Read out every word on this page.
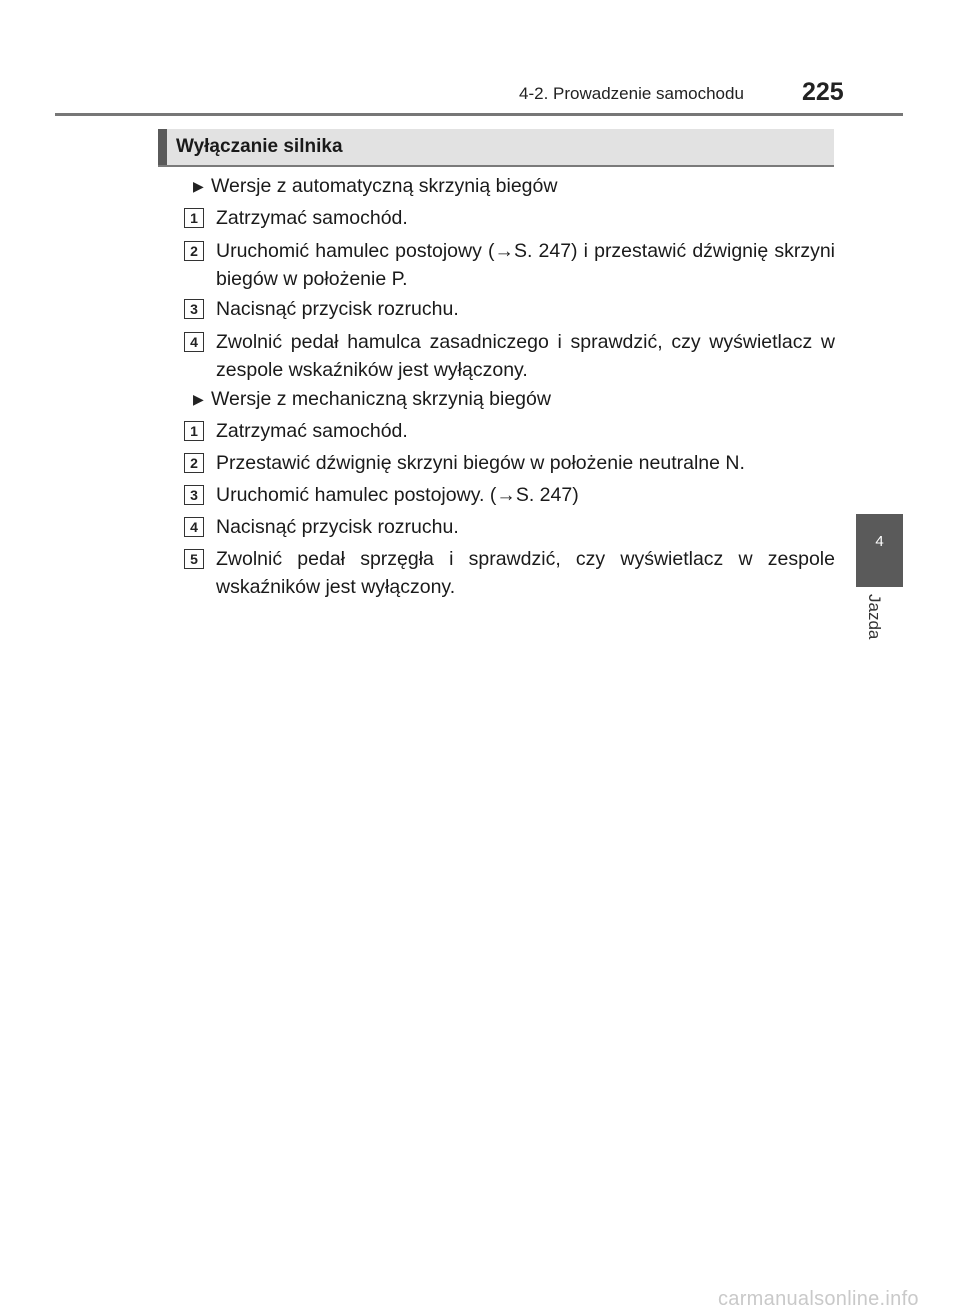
4-2. Prowadzenie samochodu 225
Wyłączanie silnika
▶ Wersje z automatyczną skrzynią biegów
1 Zatrzymać samochód.
2 Uruchomić hamulec postojowy (→S. 247) i przestawić dźwignię skrzyni biegów w położenie P.
3 Nacisnąć przycisk rozruchu.
4 Zwolnić pedał hamulca zasadniczego i sprawdzić, czy wyświetlacz w zespole wskaźników jest wyłączony.
▶ Wersje z mechaniczną skrzynią biegów
1 Zatrzymać samochód.
2 Przestawić dźwignię skrzyni biegów w położenie neutralne N.
3 Uruchomić hamulec postojowy. (→S. 247)
4 Nacisnąć przycisk rozruchu.
5 Zwolnić pedał sprzęgła i sprawdzić, czy wyświetlacz w zespole wskaźników jest wyłączony.
4
Jazda
carmanualsonline.info
